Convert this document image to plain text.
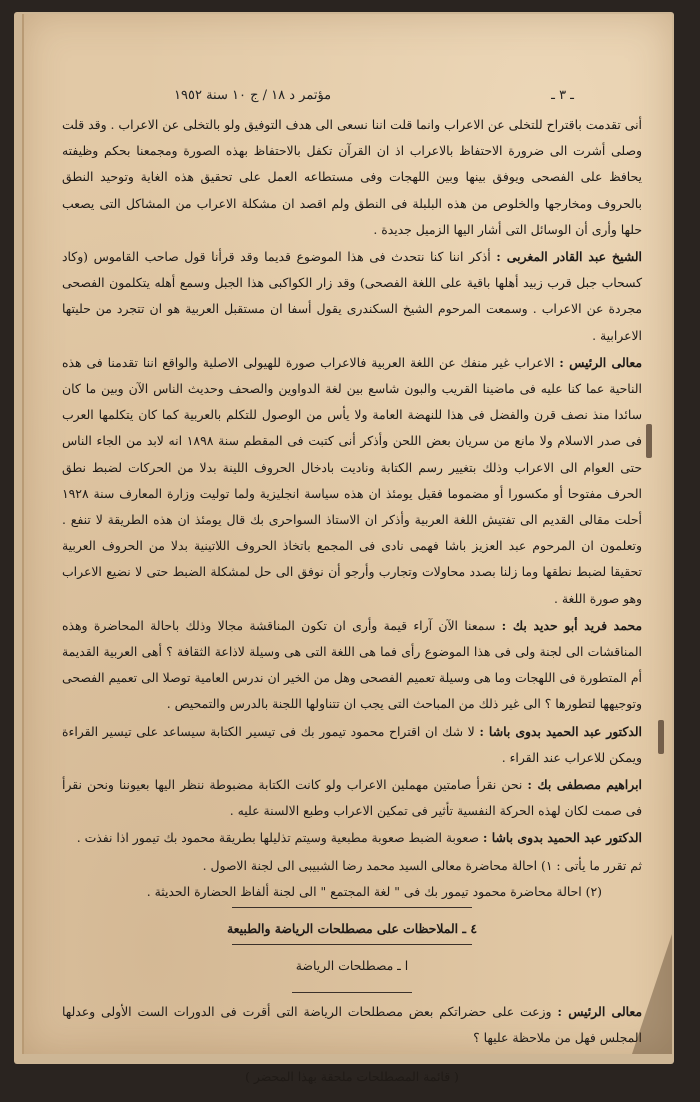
ـ ٣ ـ
مؤتمر د ١٨ / ج ١٠ سنة ١٩٥٢

أنى تقدمت باقتراح للتخلى عن الاعراب وانما قلت اننا نسعى الى هدف التوفيق ولو بالتخلى عن الاعراب . وقد قلت وصلى أشرت الى ضرورة الاحتفاظ بالاعراب اذ ان القرآن تكفل بالاحتفاظ بهذه الصورة ومجمعنا بحكم وظيفته يحافظ على الفصحى ويوفق بينها وبين اللهجات وفى مستطاعه العمل على تحقيق هذه الغاية وتوحيد النطق بالحروف ومخارجها والخلوص من هذه البلبلة فى النطق ولم اقصد ان مشكلة الاعراب من المشاكل التى يصعب حلها وأرى أن الوسائل التى أشار اليها الزميل جديدة .

الشيخ عبد القادر المغربى : أذكر اننا كنا نتحدث فى هذا الموضوع قديما وقد قرأنا قول صاحب القاموس (وكاد كسحاب جبل قرب زبيد أهلها باقية على اللغة الفصحى) وقد زار الكواكبى هذا الجبل وسمع أهله يتكلمون الفصحى مجردة عن الاعراب . وسمعت المرحوم الشيخ السكندرى يقول أسفا ان مستقبل العربية هو ان تتجرد من حليتها الاعرابية .

معالى الرئيس : الاعراب غير منفك عن اللغة العربية فالاعراب صورة للهيولى الاصلية والواقع اننا تقدمنا فى هذه الناحية عما كنا عليه فى ماضينا القريب والبون شاسع بين لغة الدواوين والصحف وحديث الناس الآن وبين ما كان سائدا منذ نصف قرن والفضل فى هذا للنهضة العامة ولا يأس من الوصول للتكلم بالعربية كما كان يتكلمها العرب فى صدر الاسلام ولا مانع من سريان بعض اللحن وأذكر أنى كتبت فى المقطم سنة ١٨٩٨ انه لابد من الجاء الناس حتى العوام الى الاعراب وذلك بتغيير رسم الكتابة وناديت بادخال الحروف اللينة بدلا من الحركات لضبط نطق الحرف مفتوحا أو مكسورا أو مضموما فقيل يومئذ ان هذه سياسة انجليزية ولما توليت وزارة المعارف سنة ١٩٢٨ أحلت مقالى القديم الى تفتيش اللغة العربية وأذكر ان الاستاذ السواحرى بك قال يومئذ ان هذه الطريقة لا تنفع . وتعلمون ان المرحوم عبد العزيز باشا فهمى نادى فى المجمع باتخاذ الحروف اللاتينية بدلا من الحروف العربية تحقيقا لضبط نطقها وما زلنا بصدد محاولات وتجارب وأرجو أن نوفق الى حل لمشكلة الضبط حتى لا نضيع الاعراب وهو صورة اللغة .

محمد فريد أبو حديد بك : سمعنا الآن آراء قيمة وأرى ان تكون المناقشة مجالا وذلك باحالة المحاضرة وهذه المناقشات الى لجنة ولى فى هذا الموضوع رأى فما هى اللغة التى هى وسيلة لاذاعة الثقافة ؟ أهى العربية القديمة أم المتطورة فى اللهجات وما هى وسيلة تعميم الفصحى وهل من الخير ان ندرس العامية توصلا الى تعميم الفصحى وتوجيهها لتطورها ؟ الى غير ذلك من المباحث التى يجب ان تتناولها اللجنة بالدرس والتمحيص .

الدكتور عبد الحميد بدوى باشا : لا شك ان اقتراح محمود تيمور بك فى تيسير الكتابة سيساعد على تيسير القراءة ويمكن للاعراب عند القراء .

ابراهيم مصطفى بك : نحن نقرأ صامتين مهملين الاعراب ولو كانت الكتابة مضبوطة ننظر اليها بعيوننا ونحن نقرأ فى صمت لكان لهذه الحركة النفسية تأثير فى تمكين الاعراب وطبع الالسنة عليه .

الدكتور عبد الحميد بدوى باشا : صعوبة الضبط صعوبة مطبعية وسيتم تذليلها بطريقة محمود بك تيمور اذا نفذت .

ثم تقرر ما يأتى : ١) احالة محاضرة معالى السيد محمد رضا الشبيبى الى لجنة الاصول .

(٢) احالة محاضرة محمود تيمور بك فى " لغة المجتمع " الى لجنة ألفاظ الحضارة الحديثة .

٤ ـ الملاحظات على مصطلحات الرياضة والطبيعة

ا ـ مصطلحات الرياضة

معالى الرئيس : وزعت على حضراتكم بعض مصطلحات الرياضة التى أقرت فى الدورات الست الأولى وعدلها المجلس فهل من ملاحظة عليها ؟

( قائمة المصطلحات ملحقة بهذا المحضر )
